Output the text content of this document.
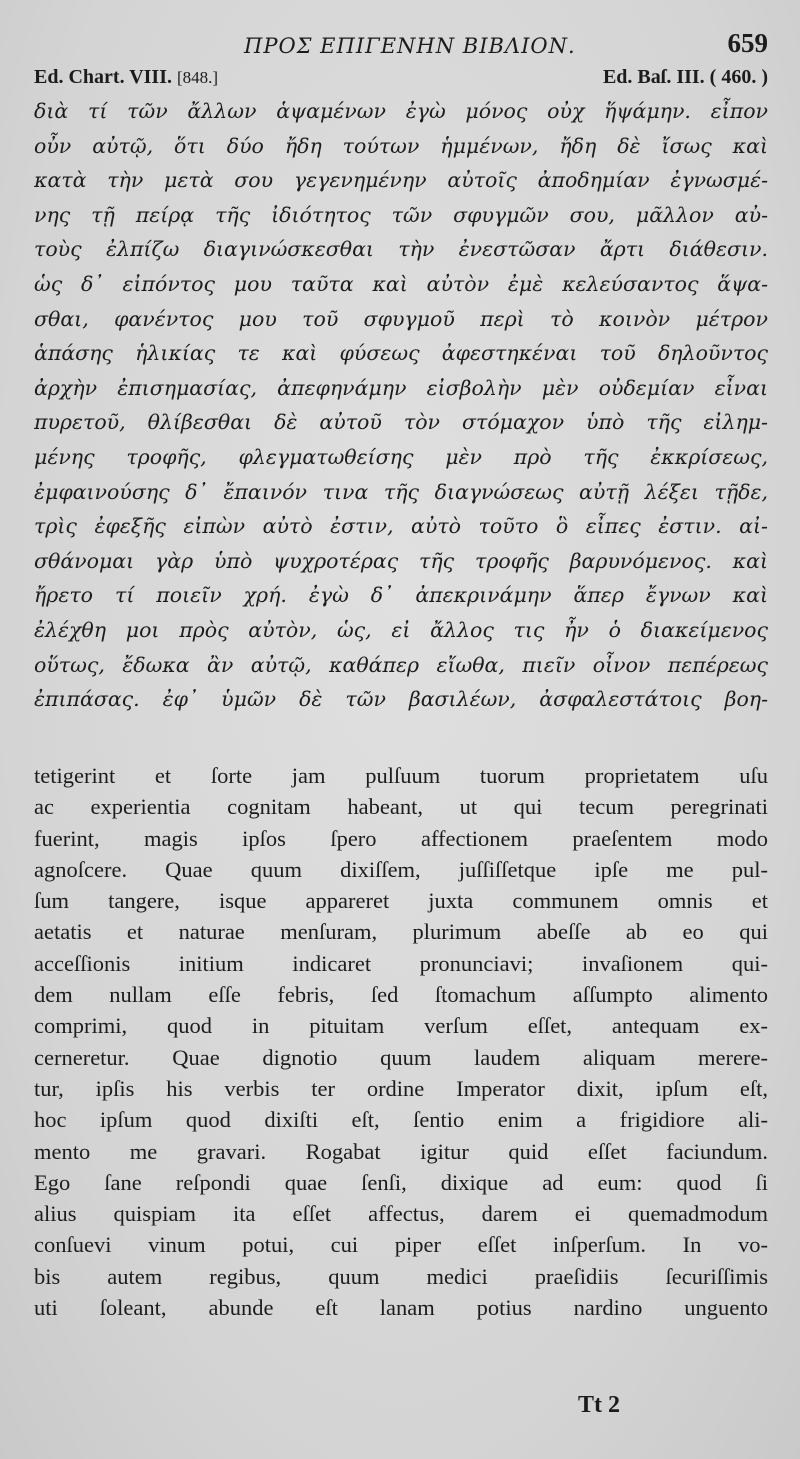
ΠΡΟΣ ΕΠΙΓΕΝΗΝ ΒΙΒΛΙΟΝ.	659
Ed. Chart. VIII. [848.]	Ed. Baſ. III. ( 460. )
διὰ τί τῶν ἄλλων ἁψαμένων ἐγὼ μόνος οὐχ ἥψάμην. εἶπον
οὖν αὐτῷ, ὅτι δύο ἤδη τούτων ἡμμένων, ἤδη δὲ ἴσως καὶ
κατὰ τὴν μετὰ σου γεγενημένην αὐτοῖς ἀποδημίαν ἐγνωσμέ-
νης τῇ πείρᾳ τῆς ἰδιότητος τῶν σφυγμῶν σου, μᾶλλον αὐ-
τοὺς ἐλπίζω διαγινώσκεσθαι τὴν ἐνεστῶσαν ἄρτι διάθεσιν.
ὡς δ᾽ εἰπόντος μου ταῦτα καὶ αὐτὸν ἐμὲ κελεύσαντος ἅψα-
σθαι, φανέντος μου τοῦ σφυγμοῦ περὶ τὸ κοινὸν μέτρον
ἁπάσης ἡλικίας τε καὶ φύσεως ἀφεστηκέναι τοῦ δηλοῦντος
ἀρχὴν ἐπισημασίας, ἀπεφηνάμην εἰσβολὴν μὲν οὐδεμίαν εἶναι
πυρετοῦ, θλίβεσθαι δὲ αὐτοῦ τὸν στόμαχον ὑπὸ τῆς εἰλημ-
μένης τροφῆς, φλεγματωθείσης μὲν πρὸ τῆς ἐκκρίσεως,
ἐμφαινούσης δ᾽ ἔπαινόν τινα τῆς διαγνώσεως αὐτῇ λέξει τῇδε,
τρὶς ἐφεξῆς εἰπὼν αὐτὸ ἐστιν, αὐτὸ τοῦτο ὃ εἶπες ἐστιν. αἰ-
σθάνομαι γὰρ ὑπὸ ψυχροτέρας τῆς τροφῆς βαρυνόμενος. καὶ
ἤρετο τί ποιεῖν χρή. ἐγὼ δ᾽ ἀπεκρινάμην ἅπερ ἔγνων καὶ
ἐλέχθη μοι πρὸς αὐτὸν, ὡς, εἰ ἄλλος τις ἦν ὁ διακείμενος
οὕτως, ἔδωκα ἂν αὐτῷ, καθάπερ εἴωθα, πιεῖν οἶνον πεπέρεως
ἐπιπάσας. ἐφ᾽ ὑμῶν δὲ τῶν βασιλέων, ἀσφαλεστάτοις βοη-
tetigerint et ſorte jam pulſuum tuorum proprietatem uſu
ac experientia cognitam habeant, ut qui tecum peregrinati
fuerint, magis ipſos ſpero affectionem praeſentem modo
agnoſcere. Quae quum dixiſſem, juſſiſſetque ipſe me pul-
ſum tangere, isque appareret juxta communem omnis et
aetatis et naturae menſuram, plurimum abeſſe ab eo qui
acceſſionis initium indicaret pronunciavi; invaſionem qui-
dem nullam eſſe febris, ſed ſtomachum aſſumpto alimento
comprimi, quod in pituitam verſum eſſet, antequam ex-
cerneretur. Quae dignotio quum laudem aliquam merere-
tur, ipſis his verbis ter ordine Imperator dixit, ipſum eſt,
hoc ipſum quod dixiſti eſt, ſentio enim a frigidiore ali-
mento me gravari. Rogabat igitur quid eſſet faciundum.
Ego ſane reſpondi quae ſenſi, dixique ad eum: quod ſi
alius quispiam ita eſſet affectus, darem ei quemadmodum
conſuevi vinum potui, cui piper eſſet inſperſum. In vo-
bis autem regibus, quum medici praeſidiis ſecuriſſimis
uti ſoleant, abunde eſt lanam potius nardino unguento
Tt 2
